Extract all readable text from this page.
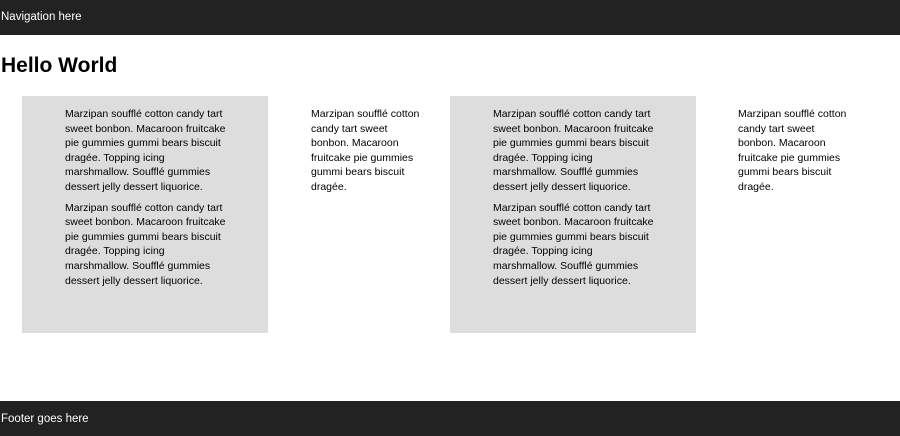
Navigation here
Hello World

Marzipan soufflé cotton candy tart sweet bonbon. Macaroon fruitcake pie gummies gummi bears biscuit dragée. Topping icing marshmallow. Soufflé gummies dessert jelly dessert liquorice.

Marzipan soufflé cotton candy tart sweet bonbon. Macaroon fruitcake pie gummies gummi bears biscuit dragée. Topping icing marshmallow. Soufflé gummies dessert jelly dessert liquorice.

Marzipan soufflé cotton candy tart sweet bonbon. Macaroon fruitcake pie gummies gummi bears biscuit dragée.

Marzipan soufflé cotton candy tart sweet bonbon. Macaroon fruitcake pie gummies gummi bears biscuit dragée. Topping icing marshmallow. Soufflé gummies dessert jelly dessert liquorice.

Marzipan soufflé cotton candy tart sweet bonbon. Macaroon fruitcake pie gummies gummi bears biscuit dragée. Topping icing marshmallow. Soufflé gummies dessert jelly dessert liquorice.

Marzipan soufflé cotton candy tart sweet bonbon. Macaroon fruitcake pie gummies gummi bears biscuit dragée.

Footer goes here
